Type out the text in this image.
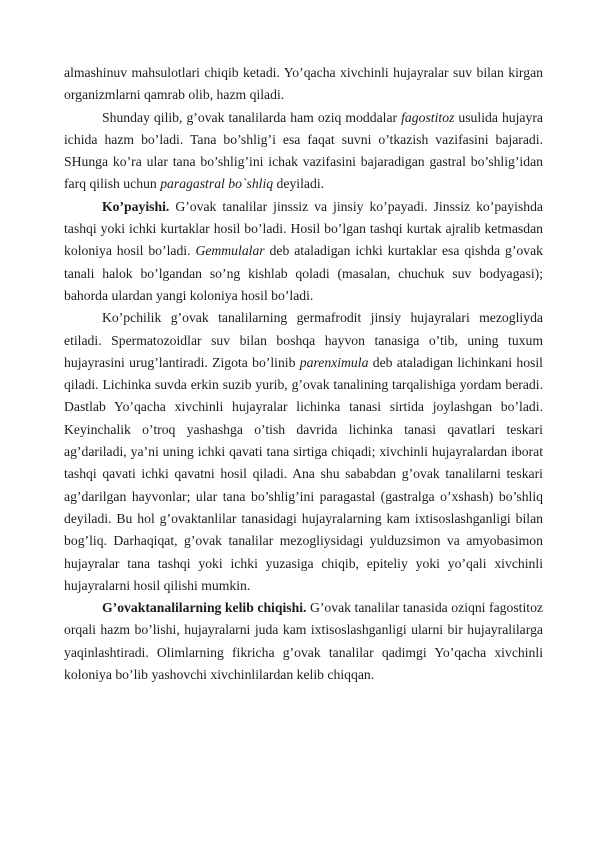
almashinuv mahsulotlari chiqib ketadi. Yo’qacha xivchinli hujayralar suv bilan kirgan organizmlarni qamrab olib, hazm qiladi.

Shunday qilib, g’ovak tanalilarda ham oziq moddalar fagostitoz usulida hujayra ichida hazm bo’ladi. Tana bo’shlig’i esa faqat suvni o’tkazish vazifasini bajaradi. SHunga ko’ra ular tana bo’shlig’ini ichak vazifasini bajaradigan gastral bo’shlig’idan farq qilish uchun paragastral bo`shliq deyiladi.

Ko’payishi. G’ovak tanalilar jinssiz va jinsiy ko’payadi. Jinssiz ko’payishda tashqi yoki ichki kurtaklar hosil bo’ladi. Hosil bo’lgan tashqi kurtak ajralib ketmasdan koloniya hosil bo’ladi. Gemmulalar deb ataladigan ichki kurtaklar esa qishda g’ovak tanali halok bo’lgandan so’ng kishlab qoladi (masalan, chuchuk suv bodyagasi); bahorda ulardan yangi koloniya hosil bo’ladi.

Ko’pchilik g’ovak tanalilarning germafrodit jinsiy hujayralari mezogliyda etiladi. Spermatozoidlar suv bilan boshqa hayvon tanasiga o’tib, uning tuxum hujayrasini urug’lantiradi. Zigota bo’linib parenximula deb ataladigan lichinkani hosil qiladi. Lichinka suvda erkin suzib yurib, g’ovak tanalining tarqalishiga yordam beradi. Dastlab Yo’qacha xivchinli hujayralar lichinka tanasi sirtida joylashgan bo’ladi. Keyinchalik o’troq yashashga o’tish davrida lichinka tanasi qavatlari teskari ag’dariladi, ya’ni uning ichki qavati tana sirtiga chiqadi; xivchinli hujayralardan iborat tashqi qavati ichki qavatni hosil qiladi. Ana shu sababdan g’ovak tanalilarni teskari ag’darilgan hayvonlar; ular tana bo’shlig’ini paragastal (gastralga o’xshash) bo’shliq deyiladi. Bu hol g’ovaktanlilar tanasidagi hujayralarning kam ixtisoslashganligi bilan bog’liq. Darhaqiqat, g’ovak tanalilar mezogliysidagi yulduzsimon va amyobasimon hujayralar tana tashqi yoki ichki yuzasiga chiqib, epiteliy yoki yo’qali xivchinli hujayralarni hosil qilishi mumkin.

G’ovaktanalilarning kelib chiqishi. G’ovak tanalilar tanasida oziqni fagostitoz orqali hazm bo’lishi, hujayralarni juda kam ixtisoslashganligi ularni bir hujayralilarga yaqinlashtiradi. Olimlarning fikricha g’ovak tanalilar qadimgi Yo’qacha xivchinli koloniya bo’lib yashovchi xivchinlilardan kelib chiqqan.
